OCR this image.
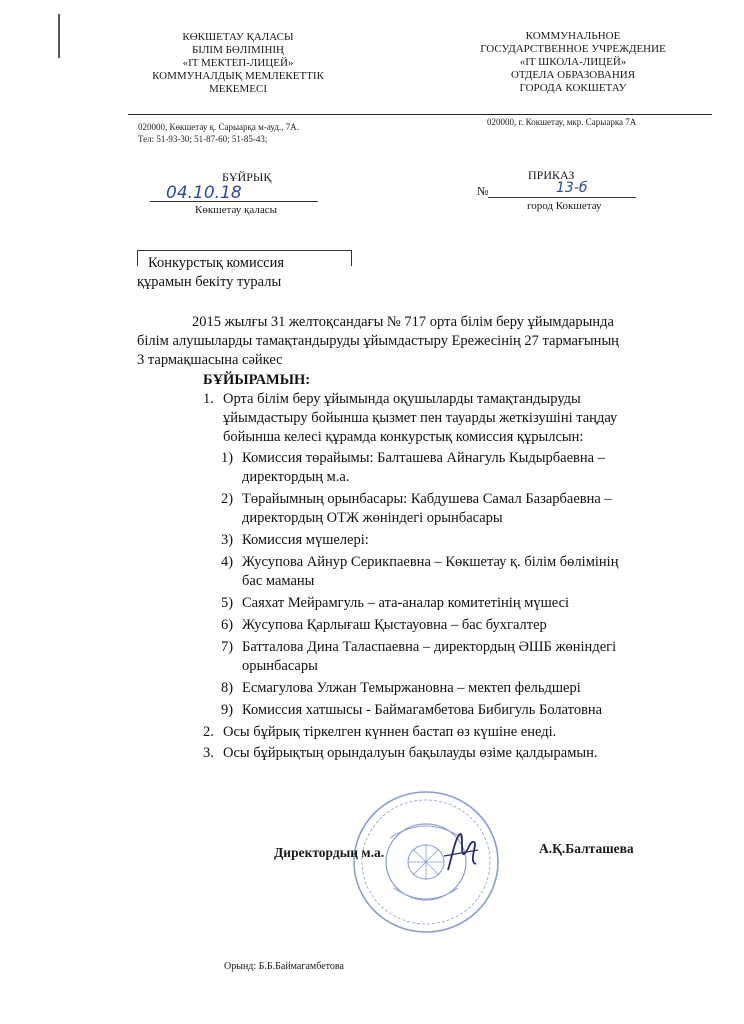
КӨКШЕТАУ ҚАЛАСЫ
БІЛІМ БӨЛІМІНІҢ
«IT МЕКТЕП-ЛИЦЕЙ»
КОММУНАЛДЫҚ МЕМЛЕКЕТТІК
МЕКЕМЕСІ
КОММУНАЛЬНОЕ
ГОСУДАРСТВЕННОЕ УЧРЕЖДЕНИЕ
«IT ШКОЛА-ЛИЦЕЙ»
ОТДЕЛА ОБРАЗОВАНИЯ
ГОРОДА КОКШЕТАУ
020000, Көкшетау қ. Сарыарқа м-ауд., 7А.
Тел: 51-93-30; 51-87-60; 51-85-43;
020000, г. Кокшетау, мкр. Сарыарка 7А
БҰЙРЫҚ
04.10.18
Көкшетау қаласы
ПРИКАЗ
№	13-б
город Кокшетау
Конкурстық комиссия
құрамын бекіту туралы
2015 жылғы 31 желтоқсандағы № 717 орта білім беру ұйымдарында
білім алушыларды тамақтандыруды ұйымдастыру Ережесінің 27 тармағының
3 тармақшасына сәйкес
БҰЙЫРАМЫН:
1. Орта білім беру ұйымында оқушыларды тамақтандыруды
ұйымдастыру бойынша қызмет пен тауарды жеткізушіні таңдау
бойынша келесі құрамда конкурстық комиссия құрылсын:
1) Комиссия төрайымы: Балташева Айнагуль Кыдырбаевна –
директордың м.а.
2) Төрайымның орынбасары: Кабдушева Самал Базарбаевна –
директордың ОТЖ жөніндегі орынбасары
3) Комиссия мүшелері:
4) Жусупова Айнур Серикпаевна – Көкшетау қ. білім бөлімінің
бас маманы
5) Саяхат Мейрамгуль – ата-аналар комитетінің мүшесі
6) Жусупова Қарлығаш Қыстауовна – бас бухгалтер
7) Батталова Дина Таласпаевна – директордың ӘШБ жөніндегі
орынбасары
8) Есмагулова Улжан Темыржановна – мектеп фельдшері
9) Комиссия хатшысы - Баймагамбетова Бибигуль Болатовна
2. Осы бұйрық тіркелген күннен бастап өз күшіне енеді.
3. Осы бұйрықтың орындалуын бақылауды өзіме қалдырамын.
Директордың м.а.	А.Қ.Балташева
Орынд: Б.Б.Баймагамбетова
